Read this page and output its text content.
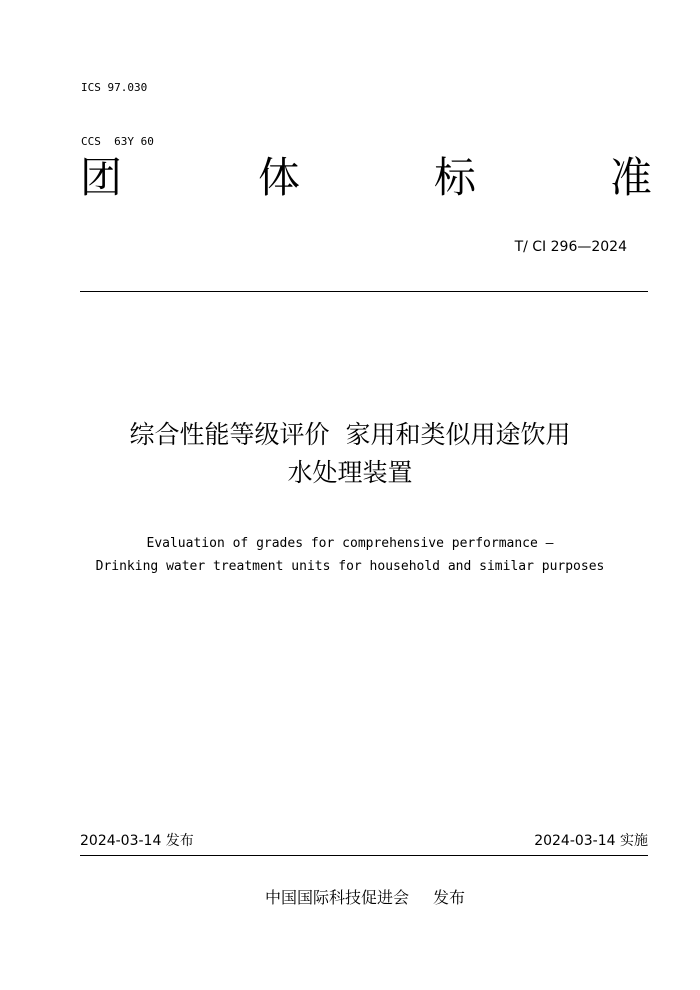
ICS 97.030

CCS  63Y 60

团	体	标	准
T/ CI 296—2024
综合性能等级评价  家用和类似用途饮用
水处理装置
Evaluation of grades for comprehensive performance –
Drinking water treatment units for household and similar purposes
2024-03-14 发布	2024-03-14 实施
中国国际科技促进会 发布
